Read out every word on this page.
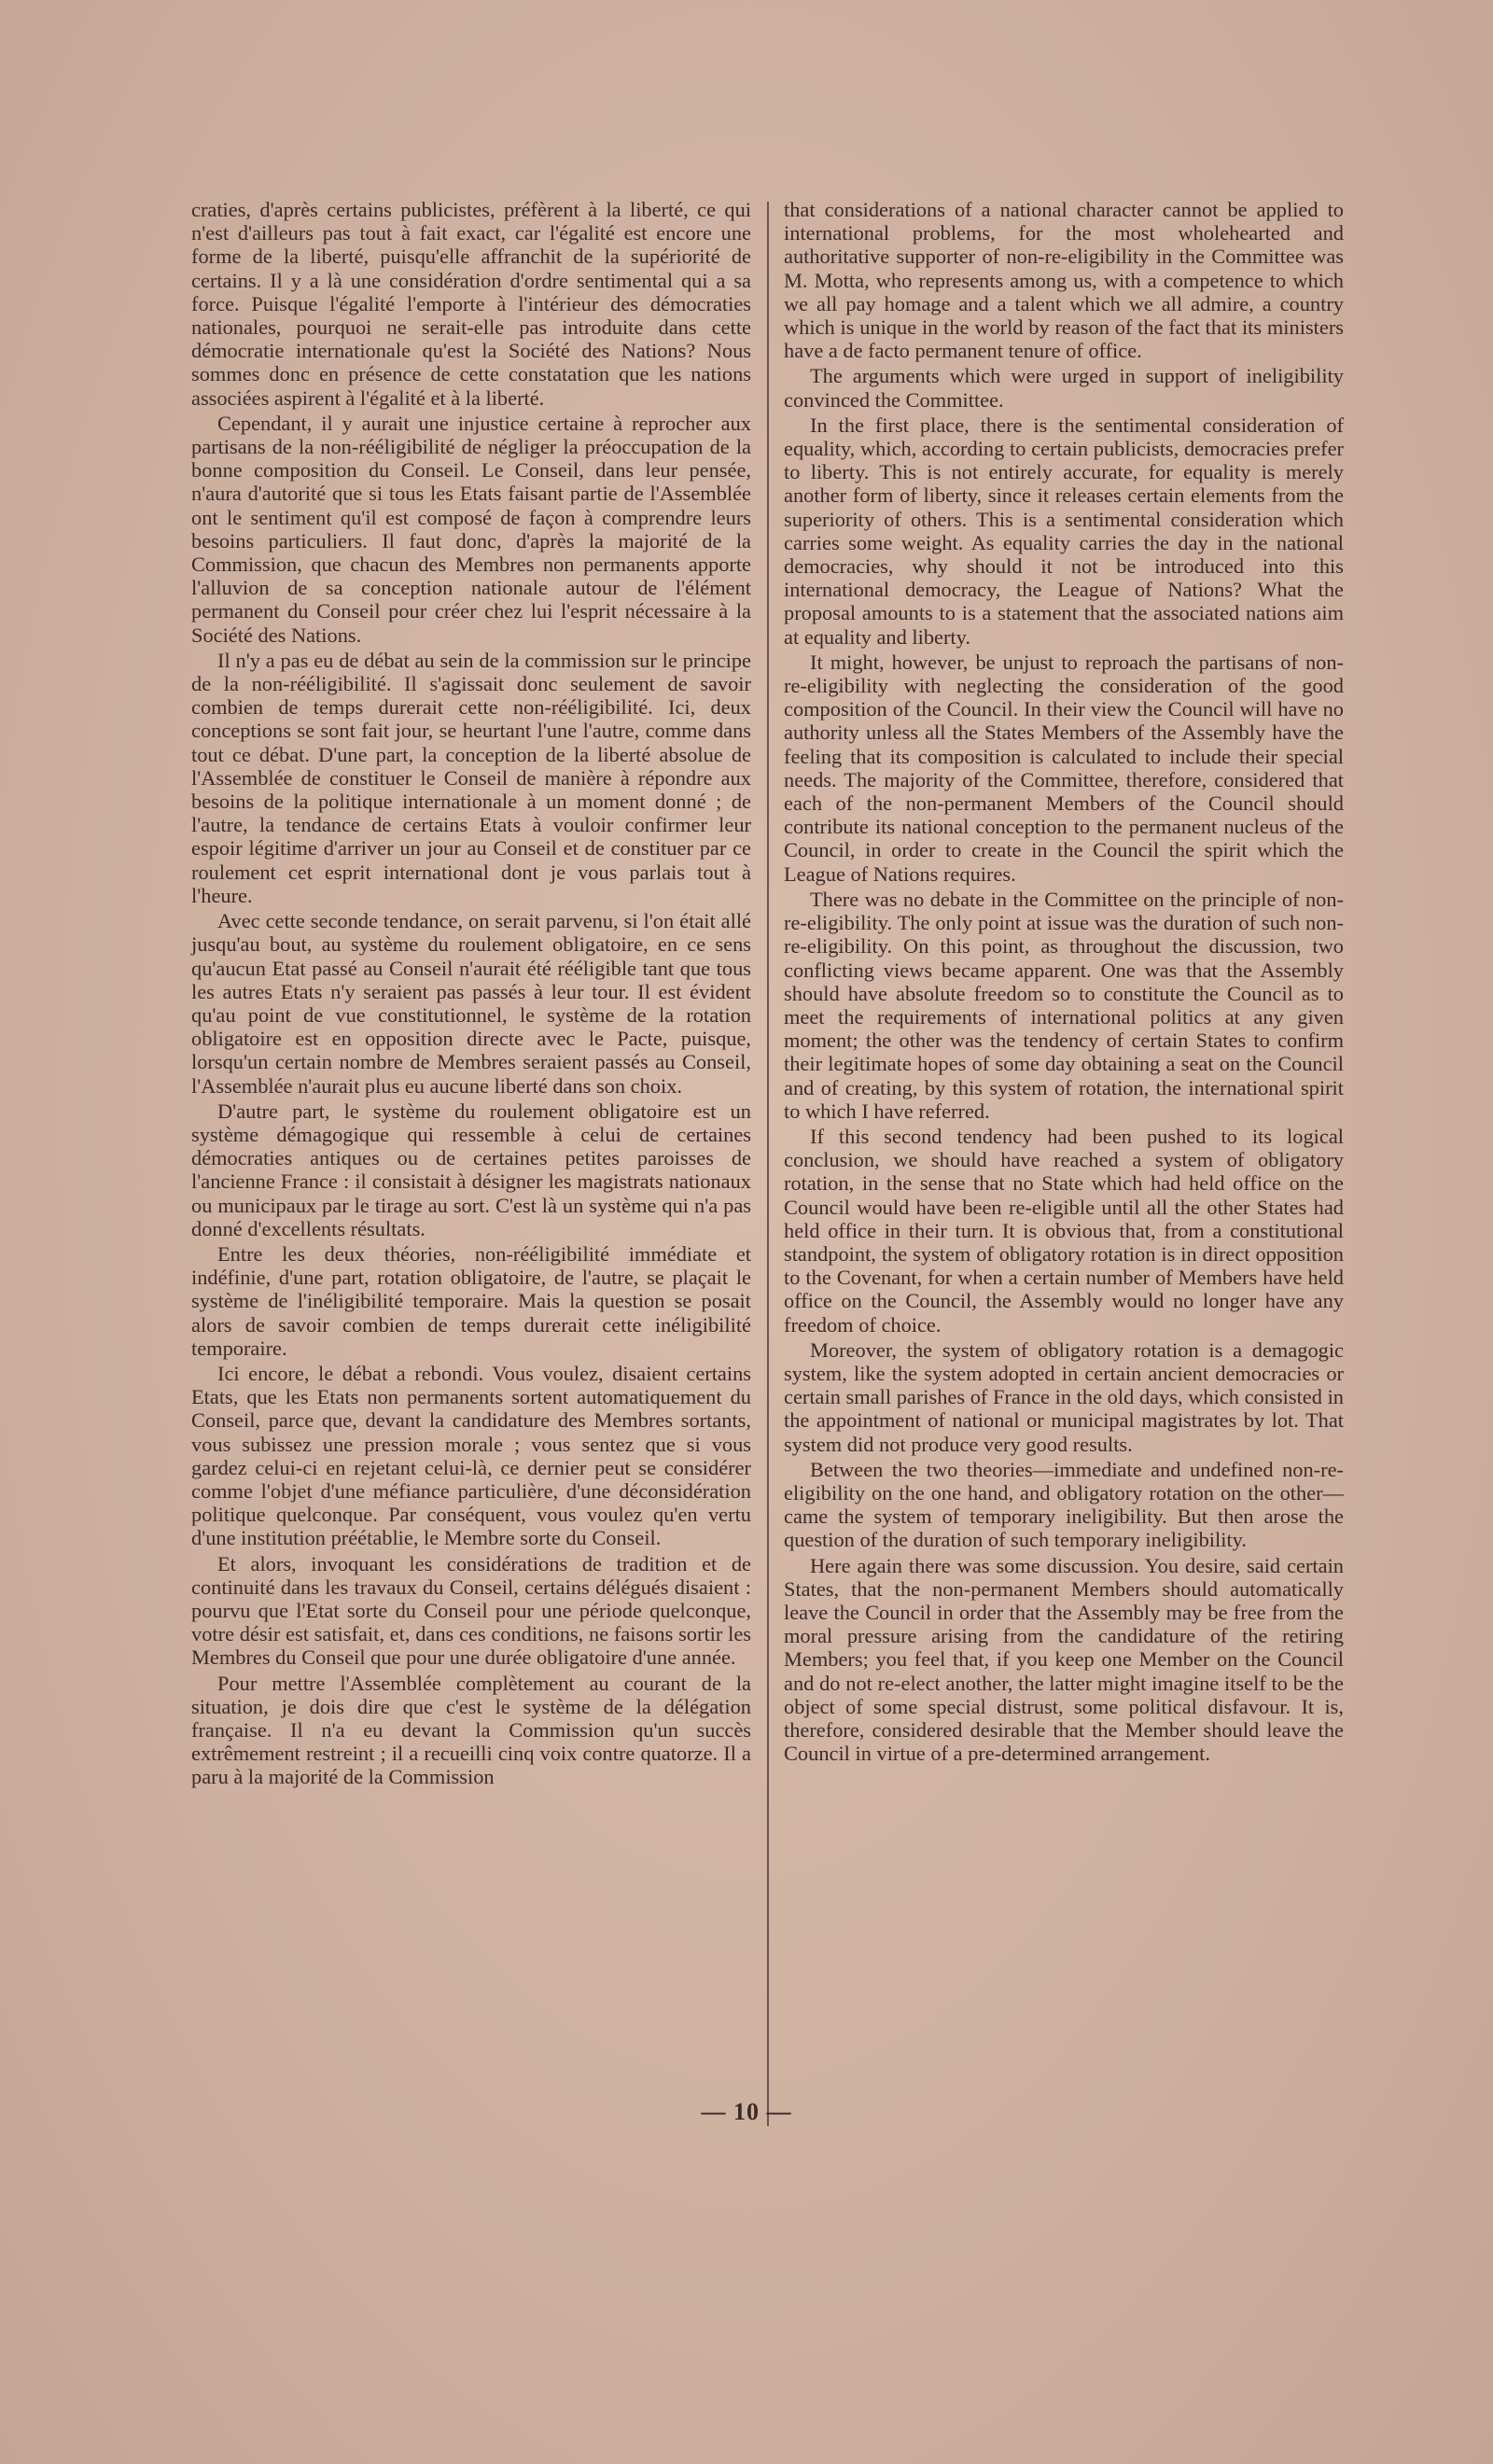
craties, d'après certains publicistes, préfèrent à la liberté, ce qui n'est d'ailleurs pas tout à fait exact, car l'égalité est encore une forme de la liberté, puisqu'elle affranchit de la supériorité de certains. Il y a là une considération d'ordre sentimental qui a sa force. Puisque l'égalité l'emporte à l'intérieur des démocraties nationales, pourquoi ne serait-elle pas introduite dans cette démocratie internationale qu'est la Société des Nations? Nous sommes donc en présence de cette constatation que les nations associées aspirent à l'égalité et à la liberté.

Cependant, il y aurait une injustice certaine à reprocher aux partisans de la non-rééligibilité de négliger la préoccupation de la bonne composition du Conseil. Le Conseil, dans leur pensée, n'aura d'autorité que si tous les Etats faisant partie de l'Assemblée ont le sentiment qu'il est composé de façon à comprendre leurs besoins particuliers. Il faut donc, d'après la majorité de la Commission, que chacun des Membres non permanents apporte l'alluvion de sa conception nationale autour de l'élément permanent du Conseil pour créer chez lui l'esprit nécessaire à la Société des Nations.

Il n'y a pas eu de débat au sein de la commission sur le principe de la non-rééligibilité. Il s'agissait donc seulement de savoir combien de temps durerait cette non-rééligibilité. Ici, deux conceptions se sont fait jour, se heurtant l'une l'autre, comme dans tout ce débat. D'une part, la conception de la liberté absolue de l'Assemblée de constituer le Conseil de manière à répondre aux besoins de la politique internationale à un moment donné ; de l'autre, la tendance de certains Etats à vouloir confirmer leur espoir légitime d'arriver un jour au Conseil et de constituer par ce roulement cet esprit international dont je vous parlais tout à l'heure.

Avec cette seconde tendance, on serait parvenu, si l'on était allé jusqu'au bout, au système du roulement obligatoire, en ce sens qu'aucun Etat passé au Conseil n'aurait été rééligible tant que tous les autres Etats n'y seraient pas passés à leur tour. Il est évident qu'au point de vue constitutionnel, le système de la rotation obligatoire est en opposition directe avec le Pacte, puisque, lorsqu'un certain nombre de Membres seraient passés au Conseil, l'Assemblée n'aurait plus eu aucune liberté dans son choix.

D'autre part, le système du roulement obligatoire est un système démagogique qui ressemble à celui de certaines démocraties antiques ou de certaines petites paroisses de l'ancienne France : il consistait à désigner les magistrats nationaux ou municipaux par le tirage au sort. C'est là un système qui n'a pas donné d'excellents résultats.

Entre les deux théories, non-rééligibilité immédiate et indéfinie, d'une part, rotation obligatoire, de l'autre, se plaçait le système de l'inéligibilité temporaire. Mais la question se posait alors de savoir combien de temps durerait cette inéligibilité temporaire.

Ici encore, le débat a rebondi. Vous voulez, disaient certains Etats, que les Etats non permanents sortent automatiquement du Conseil, parce que, devant la candidature des Membres sortants, vous subissez une pression morale ; vous sentez que si vous gardez celui-ci en rejetant celui-là, ce dernier peut se considérer comme l'objet d'une méfiance particulière, d'une déconsidération politique quelconque. Par conséquent, vous voulez qu'en vertu d'une institution préétablie, le Membre sorte du Conseil.

Et alors, invoquant les considérations de tradition et de continuité dans les travaux du Conseil, certains délégués disaient : pourvu que l'Etat sorte du Conseil pour une période quelconque, votre désir est satisfait, et, dans ces conditions, ne faisons sortir les Membres du Conseil que pour une durée obligatoire d'une année.

Pour mettre l'Assemblée complètement au courant de la situation, je dois dire que c'est le système de la délégation française. Il n'a eu devant la Commission qu'un succès extrêmement restreint ; il a recueilli cinq voix contre quatorze. Il a paru à la majorité de la Commission

that considerations of a national character cannot be applied to international problems, for the most wholehearted and authoritative supporter of non-re-eligibility in the Committee was M. Motta, who represents among us, with a competence to which we all pay homage and a talent which we all admire, a country which is unique in the world by reason of the fact that its ministers have a de facto permanent tenure of office.

The arguments which were urged in support of ineligibility convinced the Committee.

In the first place, there is the sentimental consideration of equality, which, according to certain publicists, democracies prefer to liberty. This is not entirely accurate, for equality is merely another form of liberty, since it releases certain elements from the superiority of others. This is a sentimental consideration which carries some weight. As equality carries the day in the national democracies, why should it not be introduced into this international democracy, the League of Nations? What the proposal amounts to is a statement that the associated nations aim at equality and liberty.

It might, however, be unjust to reproach the partisans of non-re-eligibility with neglecting the consideration of the good composition of the Council. In their view the Council will have no authority unless all the States Members of the Assembly have the feeling that its composition is calculated to include their special needs. The majority of the Committee, therefore, considered that each of the non-permanent Members of the Council should contribute its national conception to the permanent nucleus of the Council, in order to create in the Council the spirit which the League of Nations requires.

There was no debate in the Committee on the principle of non-re-eligibility. The only point at issue was the duration of such non-re-eligibility. On this point, as throughout the discussion, two conflicting views became apparent. One was that the Assembly should have absolute freedom so to constitute the Council as to meet the requirements of international politics at any given moment; the other was the tendency of certain States to confirm their legitimate hopes of some day obtaining a seat on the Council and of creating, by this system of rotation, the international spirit to which I have referred.

If this second tendency had been pushed to its logical conclusion, we should have reached a system of obligatory rotation, in the sense that no State which had held office on the Council would have been re-eligible until all the other States had held office in their turn. It is obvious that, from a constitutional standpoint, the system of obligatory rotation is in direct opposition to the Covenant, for when a certain number of Members have held office on the Council, the Assembly would no longer have any freedom of choice.

Moreover, the system of obligatory rotation is a demagogic system, like the system adopted in certain ancient democracies or certain small parishes of France in the old days, which consisted in the appointment of national or municipal magistrates by lot. That system did not produce very good results.

Between the two theories—immediate and undefined non-re-eligibility on the one hand, and obligatory rotation on the other—came the system of temporary ineligibility. But then arose the question of the duration of such temporary ineligibility.

Here again there was some discussion. You desire, said certain States, that the non-permanent Members should automatically leave the Council in order that the Assembly may be free from the moral pressure arising from the candidature of the retiring Members; you feel that, if you keep one Member on the Council and do not re-elect another, the latter might imagine itself to be the object of some special distrust, some political disfavour. It is, therefore, considered desirable that the Member should leave the Council in virtue of a pre-determined arrangement.

— 10 —
